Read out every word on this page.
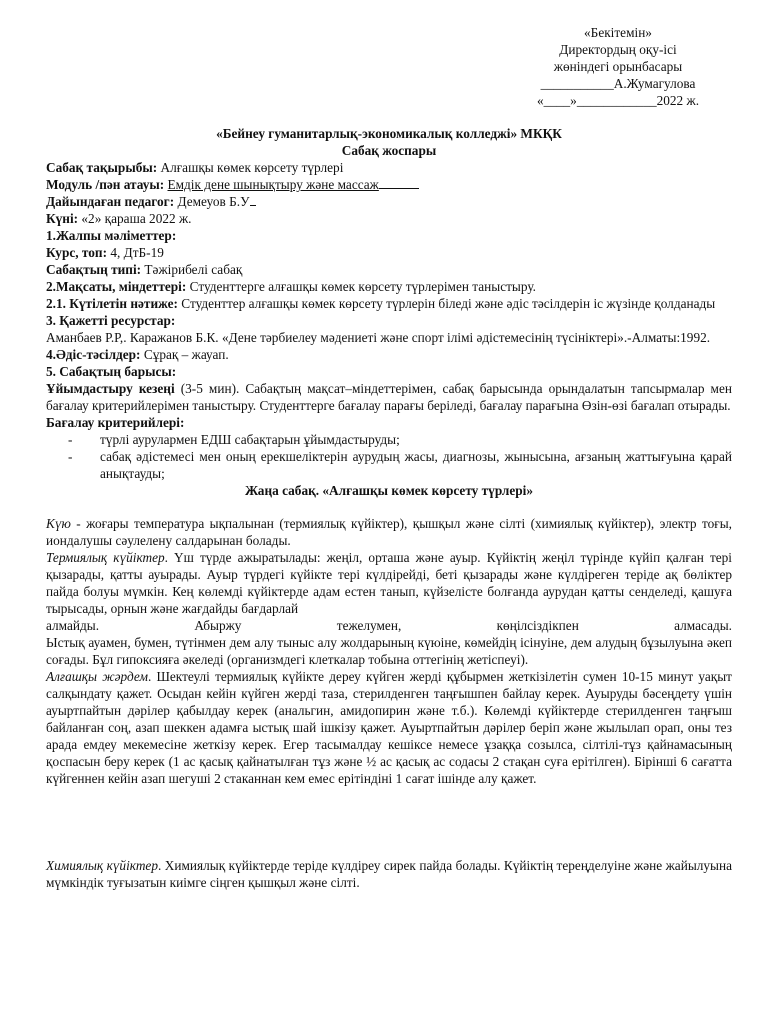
«Бекітемін»
Директордың оқу-ісі
жөніндегі орынбасары
___________А.Жумагулова
«____»____________2022 ж.
«Бейнеу гуманитарлық-экономикалық колледжі» МКҚК
Сабақ жоспары
Сабақ тақырыбы: Алғашқы көмек көрсету түрлері
Модуль /пән атауы: Емдік дене шынықтыру және массаж
Дайындаған педагог: Демеуов Б.У
Күні: «2» қараша 2022 ж.
1.Жалпы мәліметтер:
Курс, топ: 4, ДтБ-19
Сабақтың типі: Тәжірибелі сабақ
2.Мақсаты, міндеттері: Студенттерге алғашқы көмек көрсету түрлерімен таныстыру.
2.1. Күтілетін нәтиже: Студенттер алғашқы көмек көрсету түрлерін біледі және әдіс тәсілдерін іс жүзінде қолданады
3. Қажетті ресурстар:
Аманбаев Р.Р,. Каражанов Б.К. «Дене тәрбиелеу мәдениеті және спорт ілімі әдістемесінің түсініктері».-Алматы:1992.
4.Әдіс-тәсілдер: Сұрақ – жауап.
5. Сабақтың барысы:
Ұйымдастыру кезеңі (3-5 мин). Сабақтың мақсат–міндеттерімен, сабақ барысында орындалатын тапсырмалар мен бағалау критерийлерімен таныстыру. Студенттерге бағалау парағы беріледі, бағалау парағына Өзін-өзі бағалап отырады.
Бағалау критерийлері:
- түрлі аурулармен ЕДШ сабақтарын ұйымдастыруды;
- сабақ әдістемесі мен оның ерекшеліктерін аурудың жасы, диагнозы, жынысына, ағзаның жаттығуына қарай анықтауды;
Жаңа сабақ. «Алғашқы көмек көрсету түрлері»
Күю - жоғары температура ықпалынан (термиялық күйіктер), қышқыл және сілті (химиялық күйіктер), электр тоғы, иондалушы сәулелену салдарынан болады.
Термиялық күйіктер. Үш түрде ажыратылады: жеңіл, орташа және ауыр. Күйіктің жеңіл түрінде күйіп қалған тері қызарады, қатты ауырады. Ауыр түрдегі күйікте тері күлдірейді, беті қызарады және күлдіреген теріде ақ бөліктер пайда болуы мүмкін. Кең көлемді күйіктерде адам естен танып, күйзелісте болғанда аурудан қатты сенделеді, қашуға тырысады, орнын және жағдайды бағдарлай
алмайды.	Абыржу	тежелумен,	көңілсіздікпен	алмасады.
Ыстық ауамен, бумен, түтінмен дем алу тыныс алу жолдарының күюіне, көмейдің ісінуіне, дем алудың бұзылуына әкеп соғады. Бұл гипоксияға әкеледі (организмдегі клеткалар тобына оттегінің жетіспеуі).
Алғашқы жәрдем. Шектеулі термиялық күйікте дереу күйген жерді құбырмен жеткізілетін сумен 10-15 минут уақыт салқындату қажет. Осыдан кейін күйген жерді таза, стерилденген таңғышпен байлау керек. Ауыруды бәсеңдету үшін ауыртпайтын дәрілер қабылдау керек (анальгин, амидопирин және т.б.). Көлемді күйіктерде стерилденген таңғыш байланған соң, азап шеккен адамға ыстық шай ішкізу қажет. Ауыртпайтын дәрілер беріп және жылылап орап, оны тез арада емдеу мекемесіне жеткізу керек. Егер тасымалдау кешіксе немесе ұзаққа созылса, сілтілі-тұз қайнамасының қоспасын беру керек (1 ас қасық қайнатылған тұз және ½ ас қасық ас содасы 2 стақан суға ерітілген). Бірінші 6 сағатта күйгеннен кейін азап шегуші 2 стаканнан кем емес ерітіндіні 1 сағат ішінде алу қажет.
Химиялық күйіктер. Химиялық күйіктерде теріде күлдіреу сирек пайда болады. Күйіктің тереңделуіне және жайылуына мүмкіндік туғызатын киімге сіңген қышқыл және сілті.
